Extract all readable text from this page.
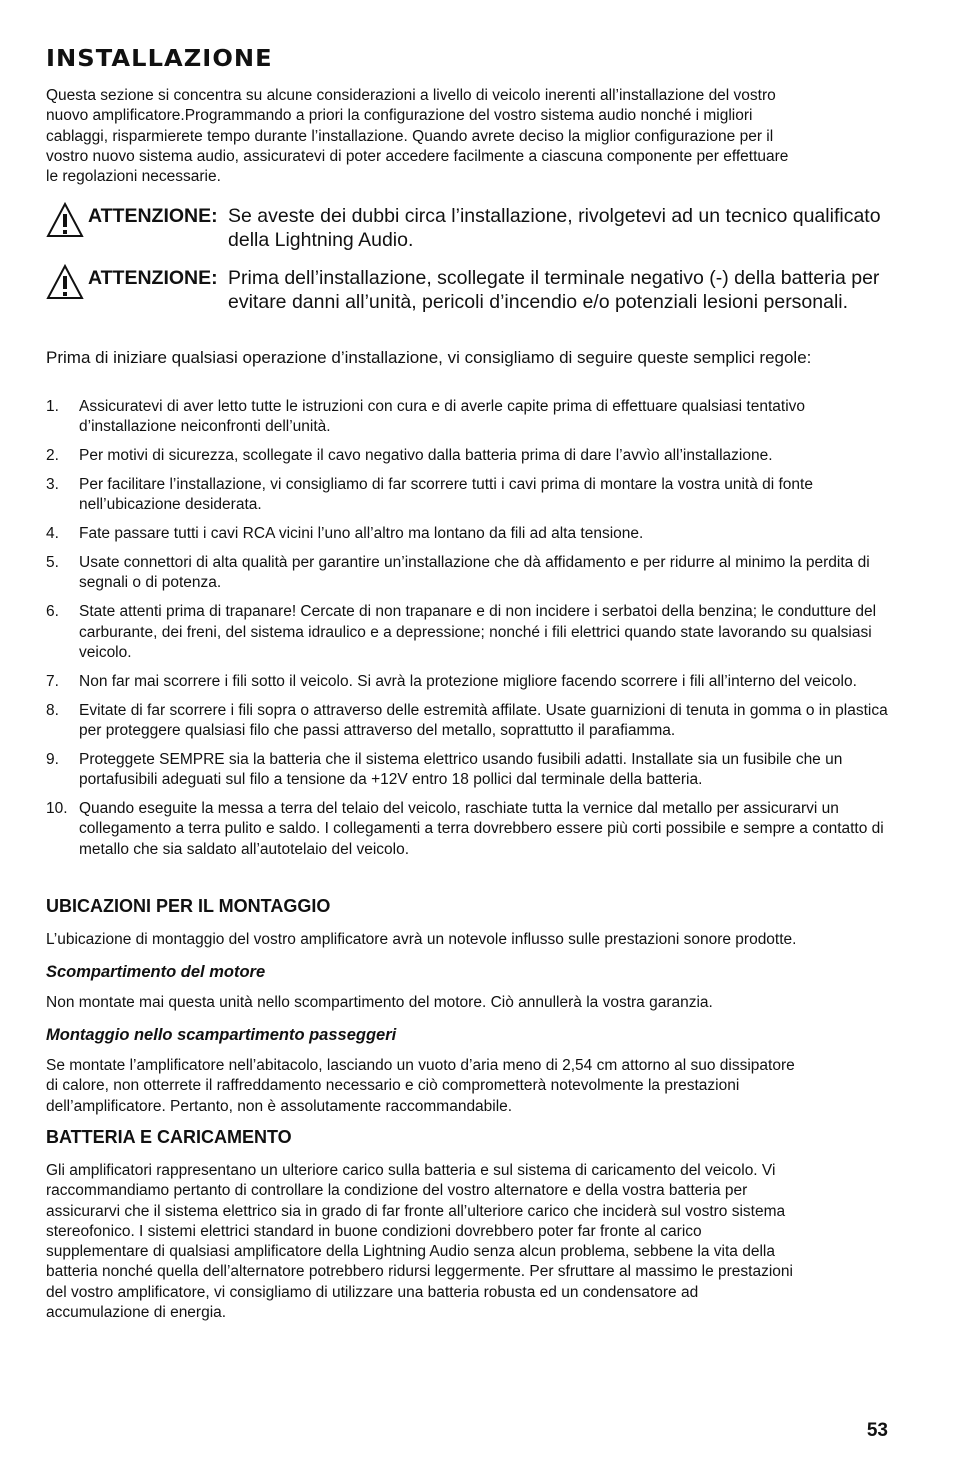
INSTALLAZIONE

Questa sezione si concentra su alcune considerazioni a livello di veicolo inerenti all’installazione del vostro
nuovo amplificatore.Programmando a priori la configurazione del vostro sistema audio nonché i migliori
cablaggi, risparmierete tempo durante l’installazione. Quando avrete deciso la miglior configurazione per il
vostro nuovo sistema audio, assicuratevi di poter accedere facilmente a ciascuna componente per effettuare
le regolazioni necessarie.

ATTENZIONE: Se aveste dei dubbi circa l’installazione, rivolgetevi ad un tecnico qualificato della Lightning Audio.
ATTENZIONE: Prima dell’installazione, scollegate il terminale negativo (-) della batteria per evitare danni all’unità, pericoli d’incendio e/o potenziali lesioni personali.

Prima di iniziare qualsiasi operazione d’installazione, vi consigliamo di seguire queste semplici regole:

1.	Assicuratevi di aver letto tutte le istruzioni con cura e di averle capite prima di effettuare qualsiasi tentativo d’installazione neiconfronti dell’unità.
2.	Per motivi di sicurezza, scollegate il cavo negativo dalla batteria prima di dare l’avvìo all’installazione.
3.	Per facilitare l’installazione, vi consigliamo di far scorrere tutti i cavi prima di montare la vostra unità di fonte nell’ubicazione desiderata.
4.	Fate passare tutti i cavi RCA vicini l’uno all’altro ma lontano da fili ad alta tensione.
5.	Usate connettori di alta qualità per garantire un’installazione che dà affidamento e per ridurre al minimo la perdita di segnali o di potenza.
6.	State attenti prima di trapanare! Cercate di non trapanare e di non incidere i serbatoi della benzina; le condutture del carburante, dei freni, del sistema idraulico e a depressione; nonché i fili elettrici quando state lavorando su qualsiasi veicolo.
7.	Non far mai scorrere i fili sotto il veicolo. Si avrà la protezione migliore facendo scorrere i fili all’interno del veicolo.
8.	Evitate di far scorrere i fili sopra o attraverso delle estremità affilate. Usate guarnizioni di tenuta in gomma o in plastica per proteggere qualsiasi filo che passi attraverso del metallo, soprattutto il parafiamma.
9.	Proteggete SEMPRE sia la batteria che il sistema elettrico usando fusibili adatti. Installate sia un fusibile che un portafusibili adeguati sul filo a tensione da +12V entro 18 pollici dal terminale della batteria.
10. Quando eseguite la messa a terra del telaio del veicolo, raschiate tutta la vernice dal metallo per assicurarvi un collegamento a terra pulito e saldo. I collegamenti a terra dovrebbero essere più corti possibile e sempre a contatto di metallo che sia saldato all’autotelaio del veicolo.
UBICAZIONI PER IL MONTAGGIO

L’ubicazione di montaggio del vostro amplificatore avrà un notevole influsso sulle prestazioni sonore prodotte.

Scompartimento del motore

Non montate mai questa unità nello scompartimento del motore. Ciò annullerà la vostra garanzia.

Montaggio nello scampartimento passeggeri

Se montate l’amplificatore nell’abitacolo, lasciando un vuoto d’aria meno di 2,54 cm attorno al suo dissipatore
di calore, non otterrete il raffreddamento necessario e ciò comprometterà notevolmente la prestazioni
dell’amplificatore. Pertanto, non è assolutamente raccommandabile.

BATTERIA E CARICAMENTO

Gli amplificatori rappresentano un ulteriore carico sulla batteria e sul sistema di caricamento del veicolo. Vi
raccommandiamo pertanto di controllare la condizione del vostro alternatore e della vostra batteria per
assicurarvi che il sistema elettrico sia in grado di far fronte all’ulteriore carico che inciderà sul vostro sistema
stereofonico. I sistemi elettrici standard in buone condizioni dovrebbero poter far fronte al carico
supplementare di qualsiasi amplificatore della Lightning Audio senza alcun problema, sebbene la vita della
batteria nonché quella dell’alternatore potrebbero ridursi leggermente. Per sfruttare al massimo le prestazioni
del vostro amplificatore, vi consigliamo di utilizzare una batteria robusta ed un condensatore ad
accumulazione di energia.

53
